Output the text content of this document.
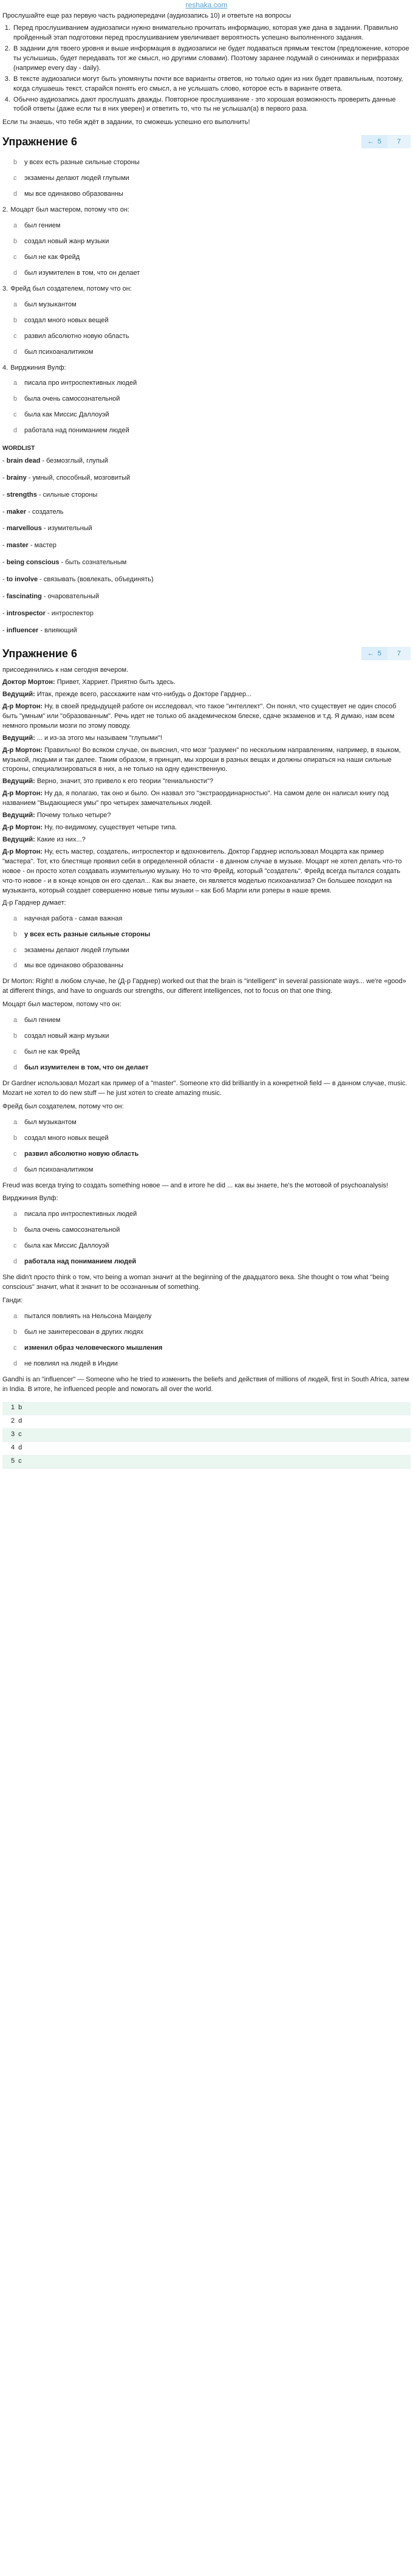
reshaka.com

Прослушайте еще раз первую часть радиопередачи (аудиозапись 10) и ответьте на вопросы

1. Перед прослушиванием аудиозаписи нужно внимательно прочитать информацию, которая уже дана в задании. Правильно пройденный этап подготовки перед прослушиванием увеличивает вероятность успешно выполненного задания.
2. В задании для твоего уровня и выше информация в аудиозаписи не будет подаваться прямым текстом (предложение, которое ты услышишь, будет передавать тот же смысл, но другими словами). Поэтому заранее подумай о синонимах и перифразах (например every day - daily).
3. В тексте аудиозаписи могут быть упомянуты почти все варианты ответов, но только один из них будет правильным, поэтому, когда слушаешь текст, старайся понять его смысл, а не услышать слово, которое есть в варианте ответа.
4. Обычно аудиозапись дают прослушать дважды. Повторное прослушивание - это хорошая возможность проверить данные тобой ответы (даже если ты в них уверен) и ответить то, что ты не услышал(а) в первого раза.

Если ты знаешь, что тебя ждёт в задании, то сможешь успешно его выполнить!

Упражнение 6	← 5 7
b	у всех есть разные сильные стороны
c	экзамены делают людей глупыми
d	мы все одинаково образованны

2. Моцарт был мастером, потому что он:

a	был гением
b	создал новый жанр музыки
c	был не как Фрейд
d	был изумителен в том, что он делает

3. Фрейд был создателем, потому что он:

a	был музыкантом
b	создал много новых вещей
c	развил абсолютно новую область
d	был психоаналитиком

4. Вирджиния Вулф:

a	писала про интроспективных людей
b	была очень самосознательной
c	была как Миссис Даллоуэй
d	работала над пониманием людей
WORDLIST
- brain dead - безмозглый, глупый
- brainy - умный, способный, мозговитый
- strengths - сильные стороны
- maker - создатель
- marvellous - изумительный
- master - мастер
- being conscious - быть сознательным
- to involve - связывать (вовлекать, объединять)
- fascinating - очаровательный
- introspector - интроспектор
- influencer - влияющий
Упражнение 6	← 5 7

присоединились к нам сегодня вечером.

Доктор Мортон: Привет, Харриет. Приятно быть здесь.

Ведущий: Итак, прежде всего, расскажите нам что-нибудь о Докторе Гарднер...

Д-р Мортон: Ну, в своей предыдущей работе он исследовал, что такое "интеллект". Он понял, что существует не один способ быть "умным" или "образованным". Речь идет не только об академическом блеске, сдаче экзаменов и т.д. Я думаю, нам всем немного промыли мозги по этому поводу.

Ведущий: ... и из-за этого мы называем "глупыми"!

Д-р Мортон: Правильно! Во всяком случае, он выяснил, что мозг "разумен" по нескольким направлениям, например, в языком, музыкой, людьми и так далее. Таким образом, я принцип, мы хороши в разных вещах и должны опираться на наши сильные стороны, специализироваться в них, а не только на одну единственную.

Ведущий: Верно, значит, это привело к его теории "гениальности"?

Д-р Мортон: Ну да, я полагаю, так оно и было. Он назвал это "экстраординарностью". На самом деле он написал книгу под названием "Выдающиеся умы" про четырех замечательных людей.

Ведущий: Почему только четыре?

Д-р Мортон: Ну, по-видимому, существует четыре типа.

Ведущий: Какие из них...?

Д-р Мортон: Ну, есть мастер, создатель, интроспектор и вдохновитель. Доктор Гарднер использовал Моцарта как пример "мастера". Тот, кто блестяще проявил себя в определенной области - в данном случае в музыке. Моцарт не хотел делать что-то новое - он просто хотел создавать изумительную музыку. Но то что Фрейд, который "создатель". Фрейд всегда пытался создать что-то новое - и в конце концов он его сделал... Как вы знаете, он является моделью психоанализа? Он большее походил на музыканта, который создает совершенно новые типы музыки – как Боб Марли или рэперы в наше время.

Д-р Гарднер думает:

a	научная работа - самая важная
b	у всех есть разные сильные стороны
c	экзамены делают людей глупыми
d	мы все одинаково образованны

Dr Morton: Right! в любом случае, he (Д-р Гарднер) worked out that the brain is "intelligent" in several passionate ways... we're «good» at different things, and have to onguards our strengths, our different intelligences, not to focus on that one thing.

Моцарт был мастером, потому что он:

a	был гением
b	создал новый жанр музыки
c	был не как Фрейд
d	был изумителен в том, что он делает

Dr Gardner использовал Mozart как пример of a "master". Someone кто did brilliantly in a конкретной field — в данном случае, music. Mozart не хотел to do new stuff — he just хотел to create amazing music.

Фрейд был создателем, потому что он:

a	был музыкантом
b	создал много новых вещей
c	развил абсолютно новую область
d	был психоаналитиком

Freud was всегда trying to создать something новое — and в итоге he did ... как вы знаете, he's the мотовой of psychoanalysis!

Вирджиния Вулф:

a	писала про интроспективных людей
b	была очень самосознательной
c	была как Миссис Даллоуэй
d	работала над пониманием людей

She didn't просто think о том, что being a woman значит at the beginning of the двадцатого века. She thought о том what "being conscious" значит, what it значит to be осознанным of something.

Ганди:

a	пытался повлиять на Нельсона Манделу
b	был не заинтересован в других людях
c	изменил образ человеческого мышления
d	не повлиял на людей в Индии

Gandhi is an "influencer" — Someone who he tried to изменить the beliefs and действия of millions of людей, first in South Africa, затем in India. В итоге, he influenced people and помогать all over the world.

1 b
2 d
3 c
4 d
5 c
